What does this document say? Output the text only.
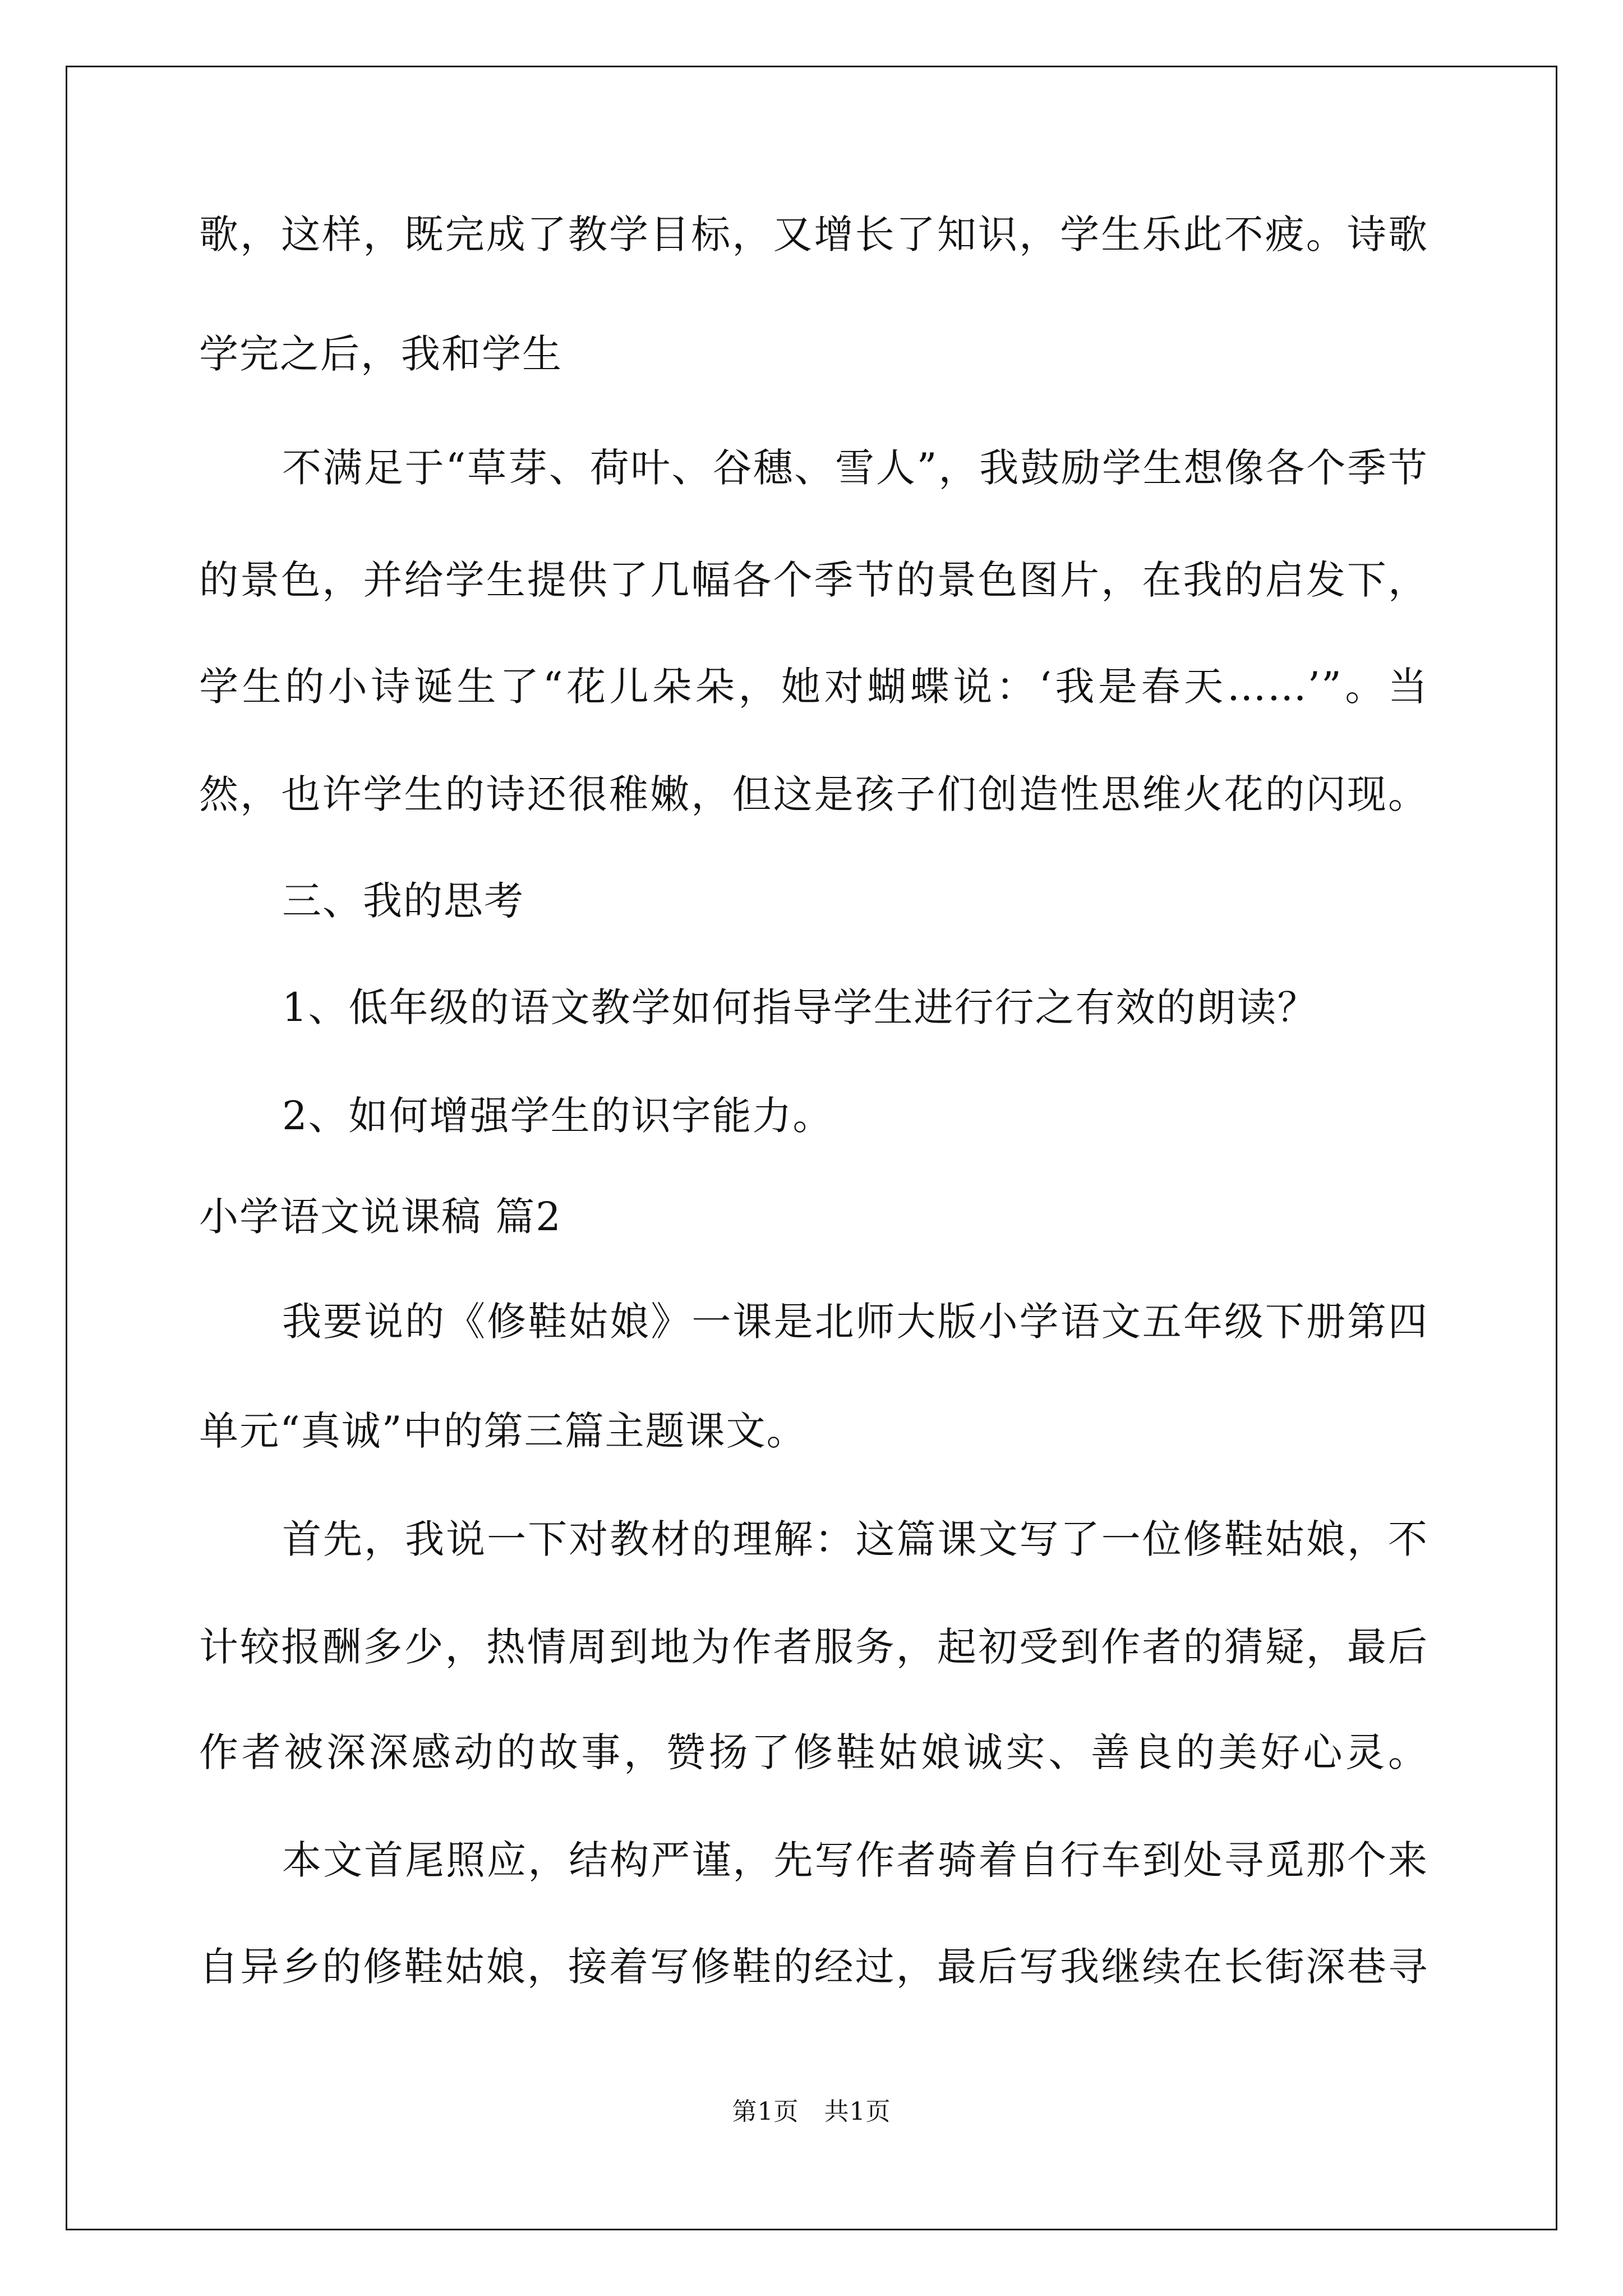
歌，这样，既完成了教学目标，又增长了知识，学生乐此不疲。诗歌
学完之后，我和学生
不满足于“草芽、荷叶、谷穗、雪人”，我鼓励学生想像各个季节
的景色，并给学生提供了几幅各个季节的景色图片，在我的启发下，
学生的小诗诞生了“花儿朵朵，她对蝴蝶说：‘我是春天……’”。当
然，也许学生的诗还很稚嫩，但这是孩子们创造性思维火花的闪现。
三、我的思考
1、低年级的语文教学如何指导学生进行行之有效的朗读？
2、如何增强学生的识字能力。
小学语文说课稿 篇2
我要说的《修鞋姑娘》一课是北师大版小学语文五年级下册第四
单元“真诚”中的第三篇主题课文。
首先，我说一下对教材的理解：这篇课文写了一位修鞋姑娘，不
计较报酬多少，热情周到地为作者服务，起初受到作者的猜疑，最后
作者被深深感动的故事，赞扬了修鞋姑娘诚实、善良的美好心灵。
本文首尾照应，结构严谨，先写作者骑着自行车到处寻觅那个来
自异乡的修鞋姑娘，接着写修鞋的经过，最后写我继续在长街深巷寻
第1页　共1页
